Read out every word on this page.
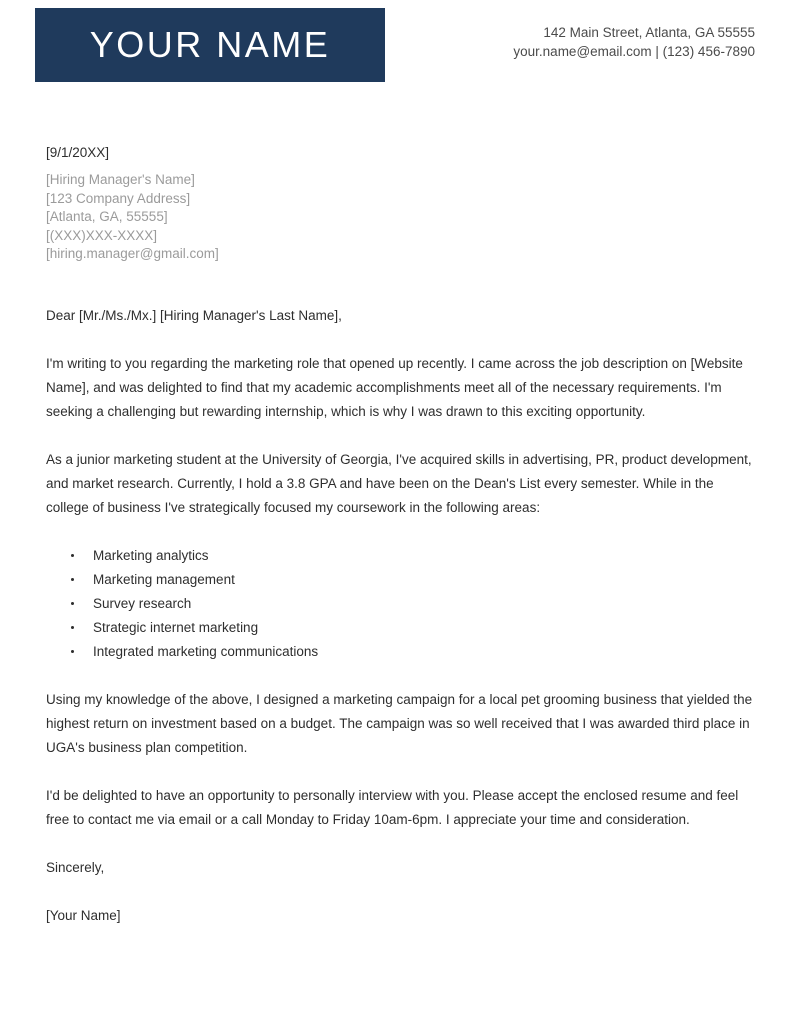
YOUR NAME	142 Main Street, Atlanta, GA 55555
your.name@email.com | (123) 456-7890
[9/1/20XX]
[Hiring Manager's Name]
[123 Company Address]
[Atlanta, GA, 55555]
[(XXX)XXX-XXXX]
[hiring.manager@gmail.com]
Dear [Mr./Ms./Mx.] [Hiring Manager's Last Name],

I'm writing to you regarding the marketing role that opened up recently. I came across the job description on [Website Name], and was delighted to find that my academic accomplishments meet all of the necessary requirements. I'm seeking a challenging but rewarding internship, which is why I was drawn to this exciting opportunity.

As a junior marketing student at the University of Georgia, I've acquired skills in advertising, PR, product development, and market research. Currently, I hold a 3.8 GPA and have been on the Dean's List every semester. While in the college of business I've strategically focused my coursework in the following areas:

Marketing analytics
Marketing management
Survey research
Strategic internet marketing
Integrated marketing communications

Using my knowledge of the above, I designed a marketing campaign for a local pet grooming business that yielded the highest return on investment based on a budget. The campaign was so well received that I was awarded third place in UGA's business plan competition.

I'd be delighted to have an opportunity to personally interview with you. Please accept the enclosed resume and feel free to contact me via email or a call Monday to Friday 10am-6pm. I appreciate your time and consideration.

Sincerely,
[Your Name]
